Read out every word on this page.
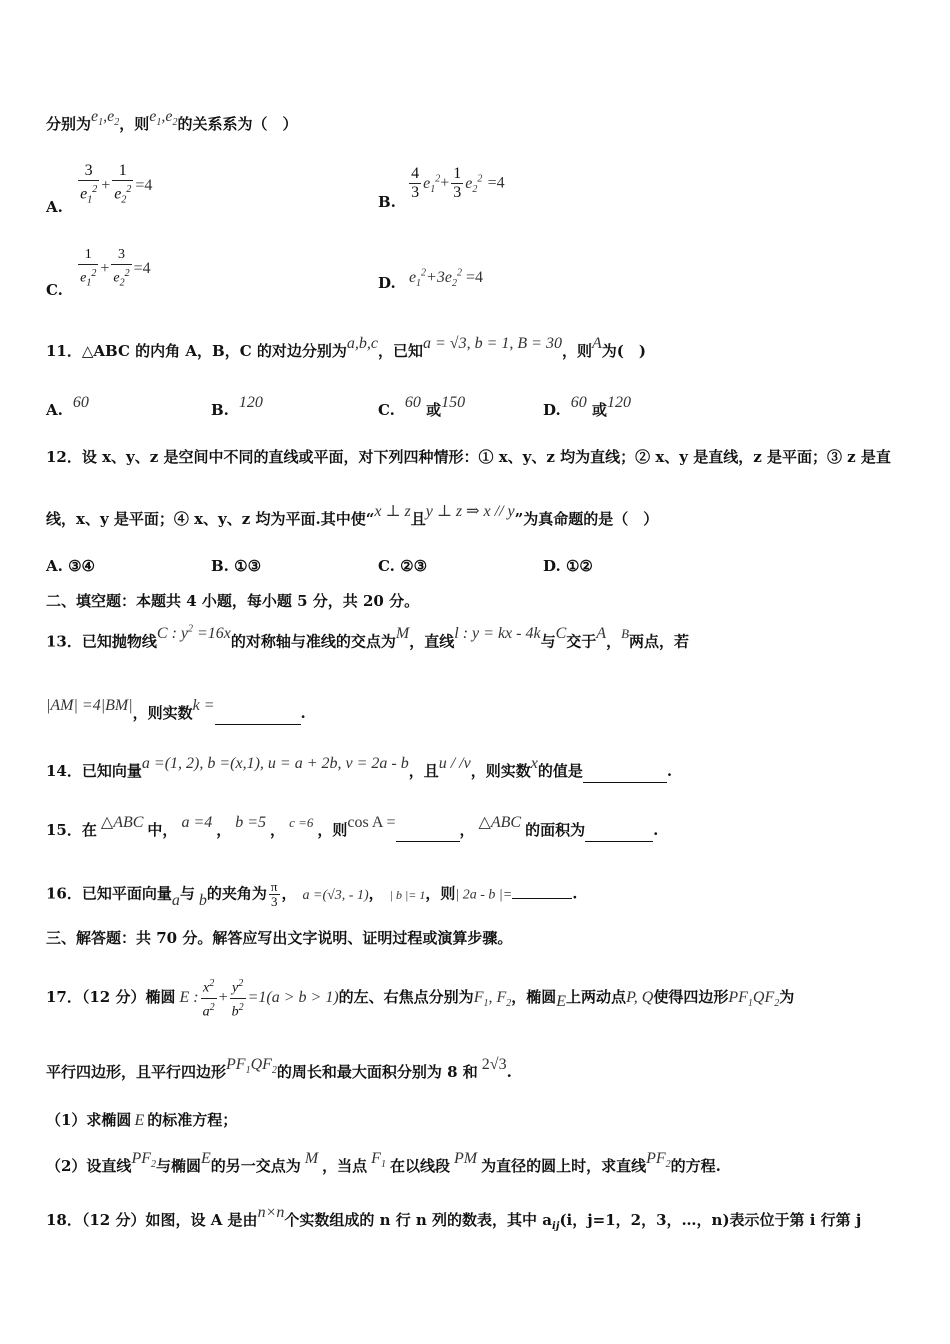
分别为$e_1,e_2$，则$e_1,e_2$的关系系为（　）
A. $\frac{3}{e_1^2} + \frac{1}{e_2^2} =4$
B. $\frac{4}{3} e_1^2+ \frac{1}{3} e_2^2 =4$
C. $\frac{1}{e_1^2} + \frac{3}{e_2^2} =4$
D. $e_1^2+3e_2^2 =4$
11．△ABC 的内角 A，B，C 的对边分别为a,b,c，已知a = √3, b = 1, B = 30，则A为(　)
A. 60	B. 120	C. 60 或150	D. 60 或120
12．设 x、y、z 是空间中不同的直线或平面，对下列四种情形：① x、y、z 均为直线；② x、y 是直线，z 是平面；③ z 是直
线，x、y 是平面；④ x、y、z 均为平面.其中使“x ⊥ z且y ⊥ z ⇒ x // y”为真命题的是（　）
A. ③④	B. ①③	C. ②③	D. ①②
二、填空题：本题共 4 小题，每小题 5 分，共 20 分。
13．已知抛物线C : $y^2 =16x$的对称轴与准线的交点为M，直线l : y = kx - 4k与C交于A，B两点，若
|AM| =4|BM|，则实数k =	.
14．已知向量a =(1, 2), b =(x,1), u = a + 2b, v = 2a - b，且u / /v，则实数x的值是	.
15．在 △ABC 中， a =4 ， b =5 ， c =6 ，则cos A =	， △ABC 的面积为	.
16．已知平面向量a与 b的夹角为 $\frac{\pi}{3}$ ， a =(√3, - 1)， | b |= 1，则| 2a - b |=	.
三、解答题：共 70 分。解答应写出文字说明、证明过程或演算步骤。
17．（12 分）椭圆 E : $\frac{x^2}{a^2} + \frac{y^2}{b^2} =1(a > b > 1)$的左、右焦点分别为$F_1$, $F_2$，椭圆E上两动点P, Q使得四边形$PF_1QF_2$为
平行四边形，且平行四边形$PF_1QF_2$的周长和最大面积分别为 8 和 2√3.
（1）求椭圆 E 的标准方程；
（2）设直线$PF_2$与椭圆E的另一交点为 M ，当点 $F_1$ 在以线段 PM 为直径的圆上时，求直线$PF_2$的方程.
18．（12 分）如图，设 A 是由n×n个实数组成的 n 行 n 列的数表，其中 $a_{ij}(i$，j=1，2，3，…，n)表示位于第 i 行第 j
